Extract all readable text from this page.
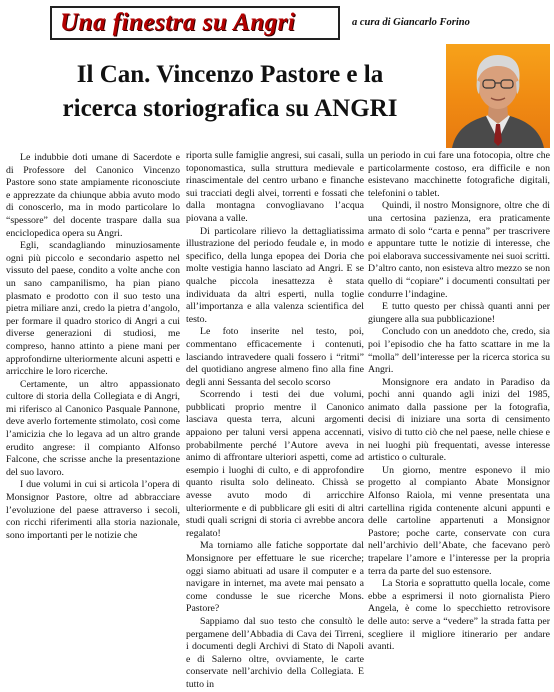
Una finestra su Angri	a cura di Giancarlo Forino
Il Can. Vincenzo Pastore e la
ricerca storiografica su ANGRI

Le indubbie doti umane di Sacerdote e di Professore del Canonico Vincenzo Pastore sono state ampiamente riconosciute e apprezzate da chiunque abbia avuto modo di conoscerlo, ma in modo particolare lo “spessore” del docente traspare dalla sua enciclopedica opera su Angri.

Egli, scandagliando minuziosamente ogni più piccolo e secondario aspetto nel vissuto del paese, condito a volte anche con un sano campanilismo, ha pian piano plasmato e prodotto con il suo testo una pietra miliare anzi, credo la pietra d’angolo, per formare il quadro storico di Angri a cui diverse generazioni di studiosi, me compreso, hanno attinto a piene mani per approfondirne ulteriormente alcuni aspetti e arricchire le loro ricerche.

Certamente, un altro appassionato cultore di storia della Collegiata e di Angri, mi riferisco al Canonico Pasquale Pannone, deve averlo fortemente stimolato, così come l’amicizia che lo legava ad un altro grande erudito angrese: il compianto Alfonso Falcone, che scrisse anche la presentazione del suo lavoro.

I due volumi in cui si articola l’opera di Monsignor Pastore, oltre ad abbracciare l’evoluzione del paese attraverso i secoli, con ricchi riferimenti alla storia nazionale, sono importanti per le notizie che

riporta sulle famiglie angresi, sui casali, sulla toponomastica, sulla struttura medievale e rinascimentale del centro urbano e finanche sui tracciati degli alvei, torrenti e fossati che dalla montagna convogliavano l’acqua piovana a valle.

Di particolare rilievo la dettagliatissima illustrazione del periodo feudale e, in modo specifico, della lunga epopea dei Doria che molte vestigia hanno lasciato ad Angri. E se qualche piccola inesattezza è stata individuata da altri esperti, nulla toglie all’importanza e alla valenza scientifica del testo.

Le foto inserite nel testo, poi, commentano efficacemente i contenuti, lasciando intravedere quali fossero i “ritmi” del quotidiano angrese almeno fino alla fine degli anni Sessanta del secolo scorso

Scorrendo i testi dei due volumi, pubblicati proprio mentre il Canonico lasciava questa terra, alcuni argomenti appaiono per taluni versi appena accennati, probabilmente perché l’Autore aveva in animo di affrontare ulteriori aspetti, come ad esempio i luoghi di culto, e di approfondire quanto risulta solo delineato. Chissà se avesse avuto modo di arricchire ulteriormente e di pubblicare gli esiti di altri studi quali scrigni di storia ci avrebbe ancora regalato!

Ma torniamo alle fatiche sopportate dal Monsignore per effettuare le sue ricerche; oggi siamo abituati ad usare il computer e a navigare in internet, ma avete mai pensato a come condusse le sue ricerche Mons. Pastore?

Sappiamo dal suo testo che consultò le pergamene dell’Abbadia di Cava dei Tirreni, i documenti degli Archivi di Stato di Napoli e di Salerno oltre, ovviamente, le carte conservate nell’archivio della Collegiata. E tutto in

un periodo in cui fare una fotocopia, oltre che particolarmente costoso, era difficile e non esistevano macchinette fotografiche digitali, telefonini o tablet.

Quindi, il nostro Monsignore, oltre che di una certosina pazienza, era praticamente armato di solo “carta e penna” per trascrivere e appuntare tutte le notizie di interesse, che poi elaborava successivamente nei suoi scritti. D’altro canto, non esisteva altro mezzo se non quello di “copiare” i documenti consultati per condurre l’indagine.

E tutto questo per chissà quanti anni per giungere alla sua pubblicazione!

Concludo con un aneddoto che, credo, sia poi l’episodio che ha fatto scattare in me la “molla” dell’interesse per la ricerca storica su Angri.

Monsignore era andato in Paradiso da pochi anni quando agli inizi del 1985, animato dalla passione per la fotografia, decisi di iniziare una sorta di censimento visivo di tutto ciò che nel paese, nelle chiese e nei luoghi più frequentati, avesse interesse artistico o culturale.

Un giorno, mentre esponevo il mio progetto al compianto Abate Monsignor Alfonso Raiola, mi venne presentata una cartellina rigida contenente alcuni appunti e delle cartoline appartenuti a Monsignor Pastore; poche carte, conservate con cura nell’archivio dell’Abate, che facevano però trapelare l’amore e l’interesse per la propria terra da parte del suo estensore.

La Storia e soprattutto quella locale, come ebbe a esprimersi il noto giornalista Piero Angela, è come lo specchietto retrovisore delle auto: serve a “vedere” la strada fatta per scegliere il migliore itinerario per andare avanti.
